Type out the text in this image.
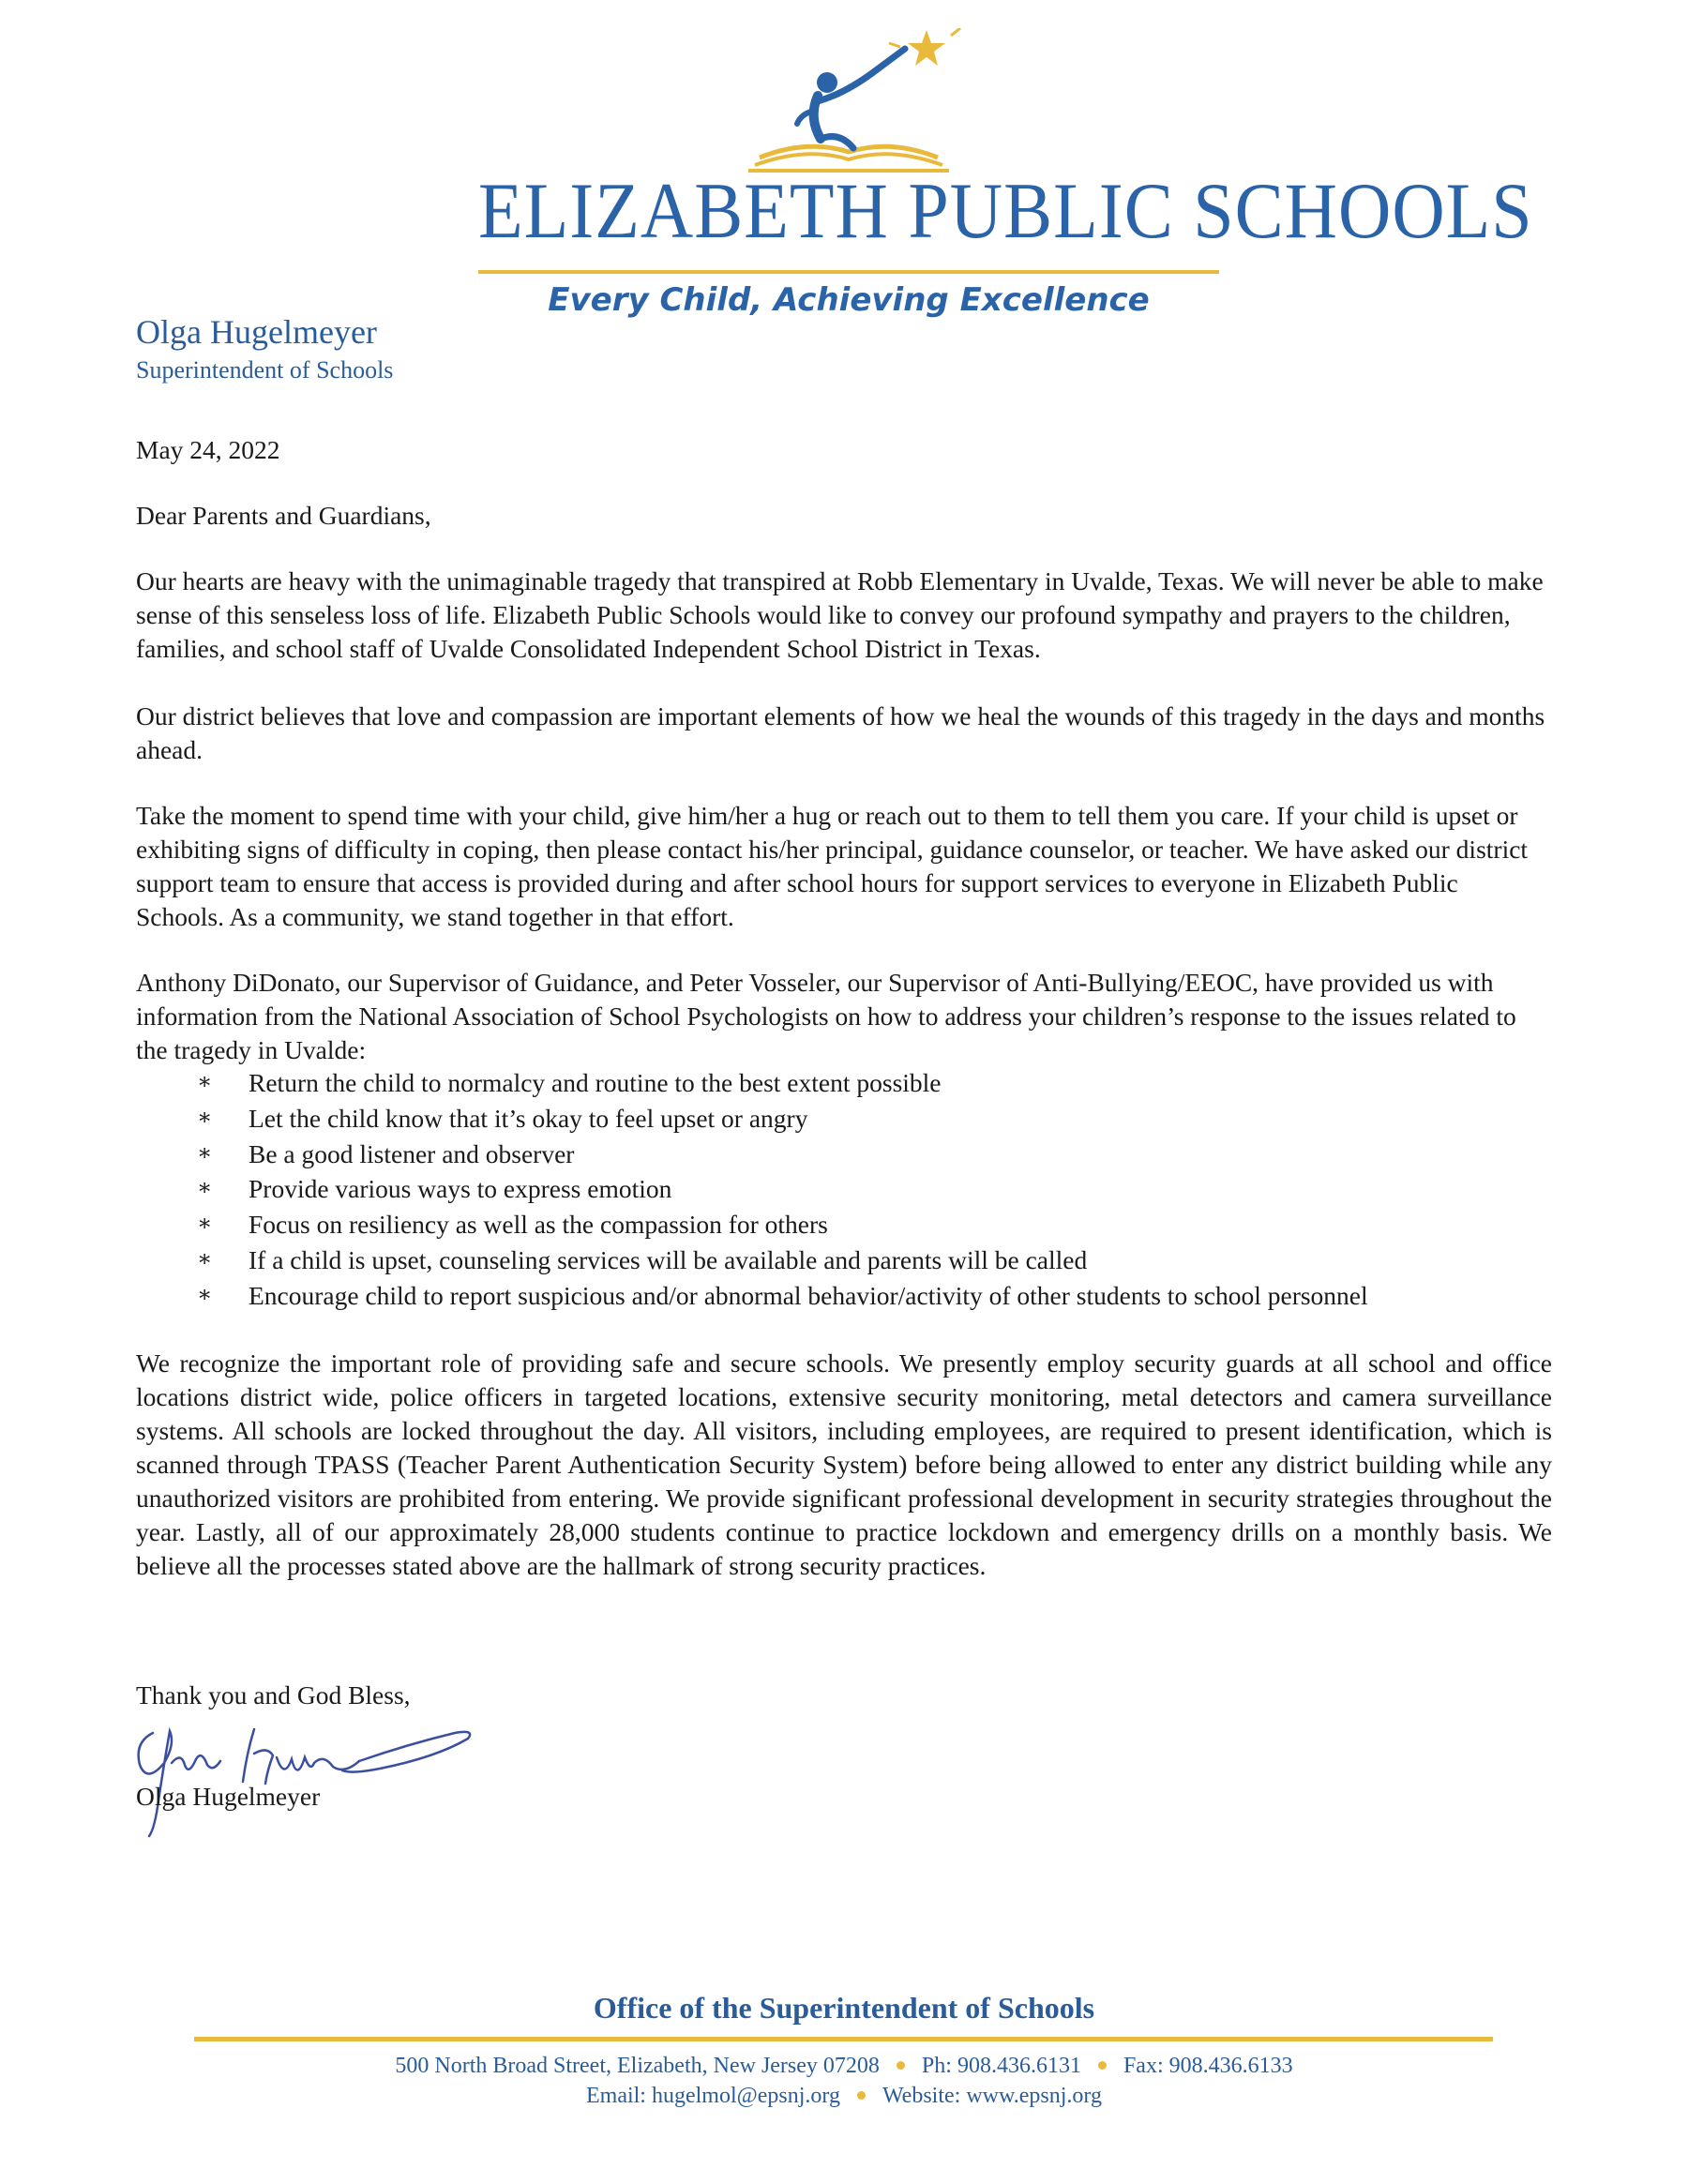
ELIZABETH PUBLIC SCHOOLS
Every Child, Achieving Excellence
Olga Hugelmeyer
Superintendent of Schools
May 24, 2022
Dear Parents and Guardians,
Our hearts are heavy with the unimaginable tragedy that transpired at Robb Elementary in Uvalde, Texas. We will never be able to make sense of this senseless loss of life. Elizabeth Public Schools would like to convey our profound sympathy and prayers to the children, families, and school staff of Uvalde Consolidated Independent School District in Texas.
Our district believes that love and compassion are important elements of how we heal the wounds of this tragedy in the days and months ahead.
Take the moment to spend time with your child, give him/her a hug or reach out to them to tell them you care. If your child is upset or exhibiting signs of difficulty in coping, then please contact his/her principal, guidance counselor, or teacher. We have asked our district support team to ensure that access is provided during and after school hours for support services to everyone in Elizabeth Public Schools. As a community, we stand together in that effort.
Anthony DiDonato, our Supervisor of Guidance, and Peter Vosseler, our Supervisor of Anti-Bullying/EEOC, have provided us with information from the National Association of School Psychologists on how to address your children’s response to the issues related to the tragedy in Uvalde:
∗ Return the child to normalcy and routine to the best extent possible
∗ Let the child know that it’s okay to feel upset or angry
∗ Be a good listener and observer
∗ Provide various ways to express emotion
∗ Focus on resiliency as well as the compassion for others
∗ If a child is upset, counseling services will be available and parents will be called
∗ Encourage child to report suspicious and/or abnormal behavior/activity of other students to school personnel
We recognize the important role of providing safe and secure schools. We presently employ security guards at all school and office locations district wide, police officers in targeted locations, extensive security monitoring, metal detectors and camera surveillance systems. All schools are locked throughout the day. All visitors, including employees, are required to present identification, which is scanned through TPASS (Teacher Parent Authentication Security System) before being allowed to enter any district building while any unauthorized visitors are prohibited from entering. We provide significant professional development in security strategies throughout the year. Lastly, all of our approximately 28,000 students continue to practice lockdown and emergency drills on a monthly basis. We believe all the processes stated above are the hallmark of strong security practices.
Thank you and God Bless,
Olga Hugelmeyer
Office of the Superintendent of Schools
500 North Broad Street, Elizabeth, New Jersey 07208 Ph: 908.436.6131 Fax: 908.436.6133
Email: hugelmol@epsnj.org Website: www.epsnj.org
